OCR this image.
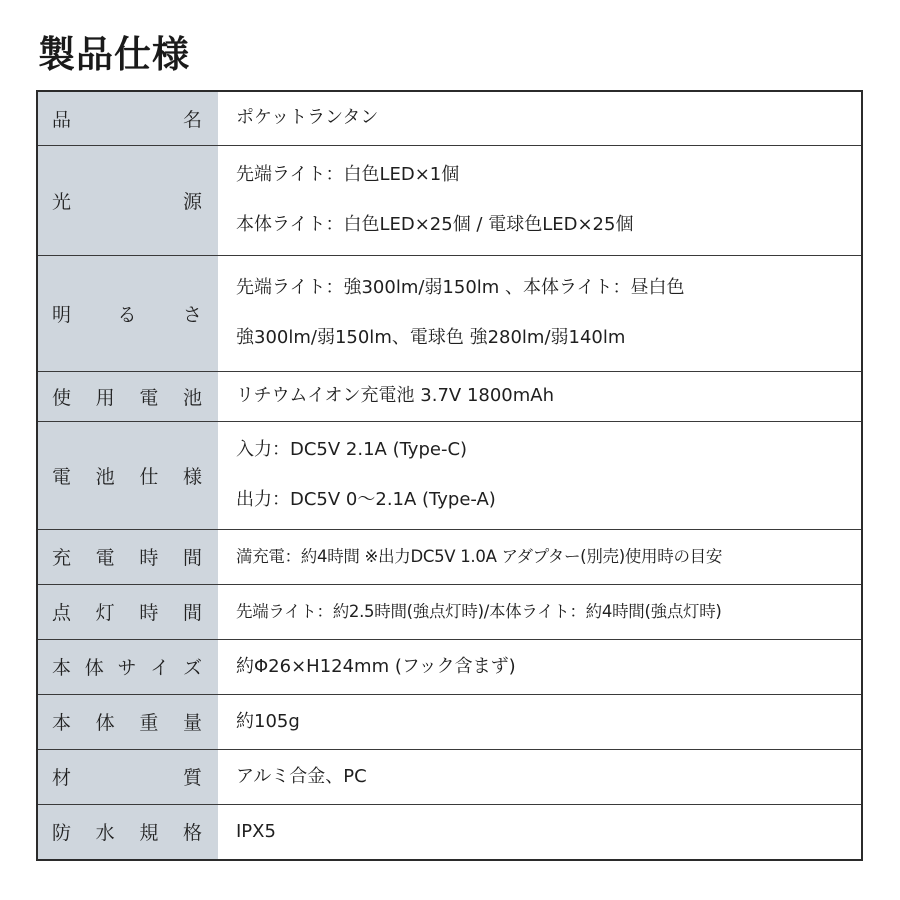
製品仕様
品 名	ポケットランタン

光 源	先端ライト：白色LED×1個
本体ライト：白色LED×25個 / 電球色LED×25個

明 る さ	先端ライト：強300lm/弱150lm 、本体ライト：昼白色
強300lm/弱150lm、電球色 強280lm/弱140lm

使 用 電 池	リチウムイオン充電池 3.7V 1800mAh

電 池 仕 様	入力：DC5V 2.1A (Type-C)
出力：DC5V 0〜2.1A (Type-A)

充 電 時 間	満充電：約4時間 ※出力DC5V 1.0A アダプター(別売)使用時の目安

点 灯 時 間	先端ライト：約2.5時間(強点灯時)/本体ライト：約4時間(強点灯時)

本 体 サ イ ズ	約Φ26×H124mm (フック含まず)

本 体 重 量	約105g

材 質	アルミ合金、PC

防 水 規 格	IPX5
